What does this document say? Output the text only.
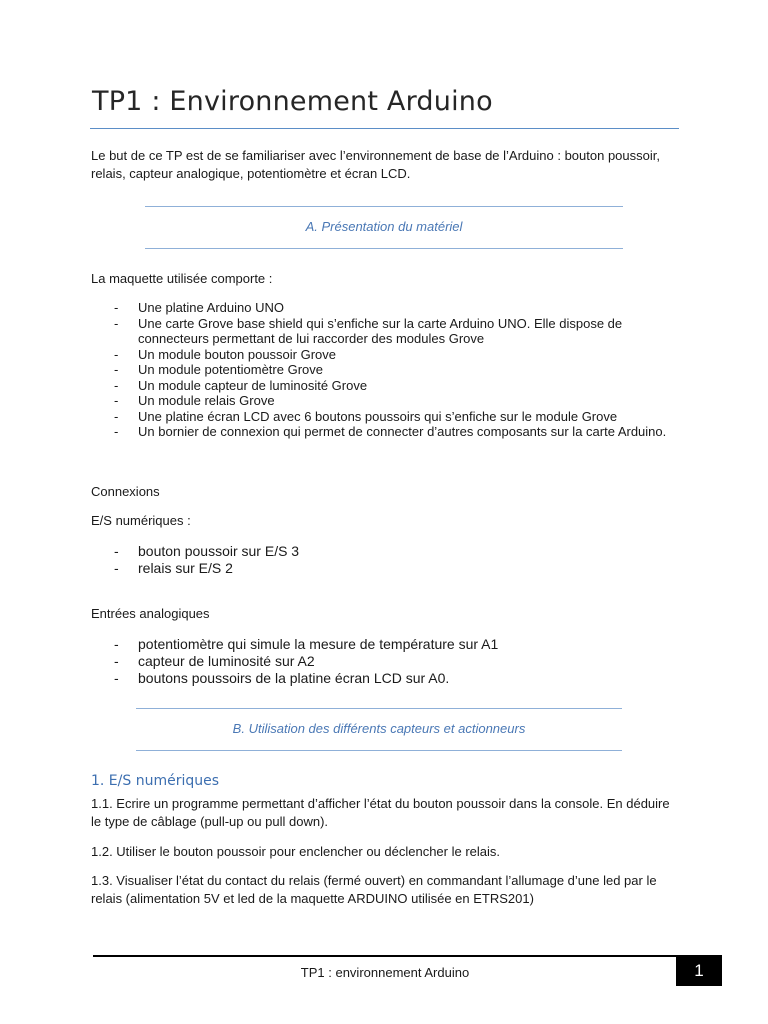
TP1 : Environnement Arduino
Le but de ce TP est de se familiariser avec l’environnement de base de l’Arduino : bouton poussoir, relais, capteur analogique, potentiomètre et écran LCD.
A. Présentation du matériel
La maquette utilisée comporte :
- Une platine Arduino UNO
- Une carte Grove base shield qui s’enfiche sur la carte Arduino UNO. Elle dispose de connecteurs permettant de lui raccorder des modules Grove
- Un module bouton poussoir Grove
- Un module potentiomètre Grove
- Un module capteur de luminosité Grove
- Un module relais Grove
- Une platine écran LCD avec 6 boutons poussoirs qui s’enfiche sur le module Grove
- Un bornier de connexion qui permet de connecter d’autres composants sur la carte Arduino.
Connexions
E/S numériques :
- bouton poussoir sur E/S 3
- relais sur E/S 2
Entrées analogiques
- potentiomètre qui simule la mesure de température sur A1
- capteur de luminosité sur A2
- boutons poussoirs de la platine écran LCD sur A0.
B. Utilisation des différents capteurs et actionneurs
1. E/S numériques
1.1. Ecrire un programme permettant d’afficher l’état du bouton poussoir dans la console. En déduire le type de câblage (pull-up ou pull down).
1.2. Utiliser le bouton poussoir pour enclencher ou déclencher le relais.
1.3. Visualiser l’état du contact du relais (fermé ouvert) en commandant l’allumage d’une led par le relais (alimentation 5V et led de la maquette ARDUINO utilisée en ETRS201)
TP1 : environnement Arduino	1
